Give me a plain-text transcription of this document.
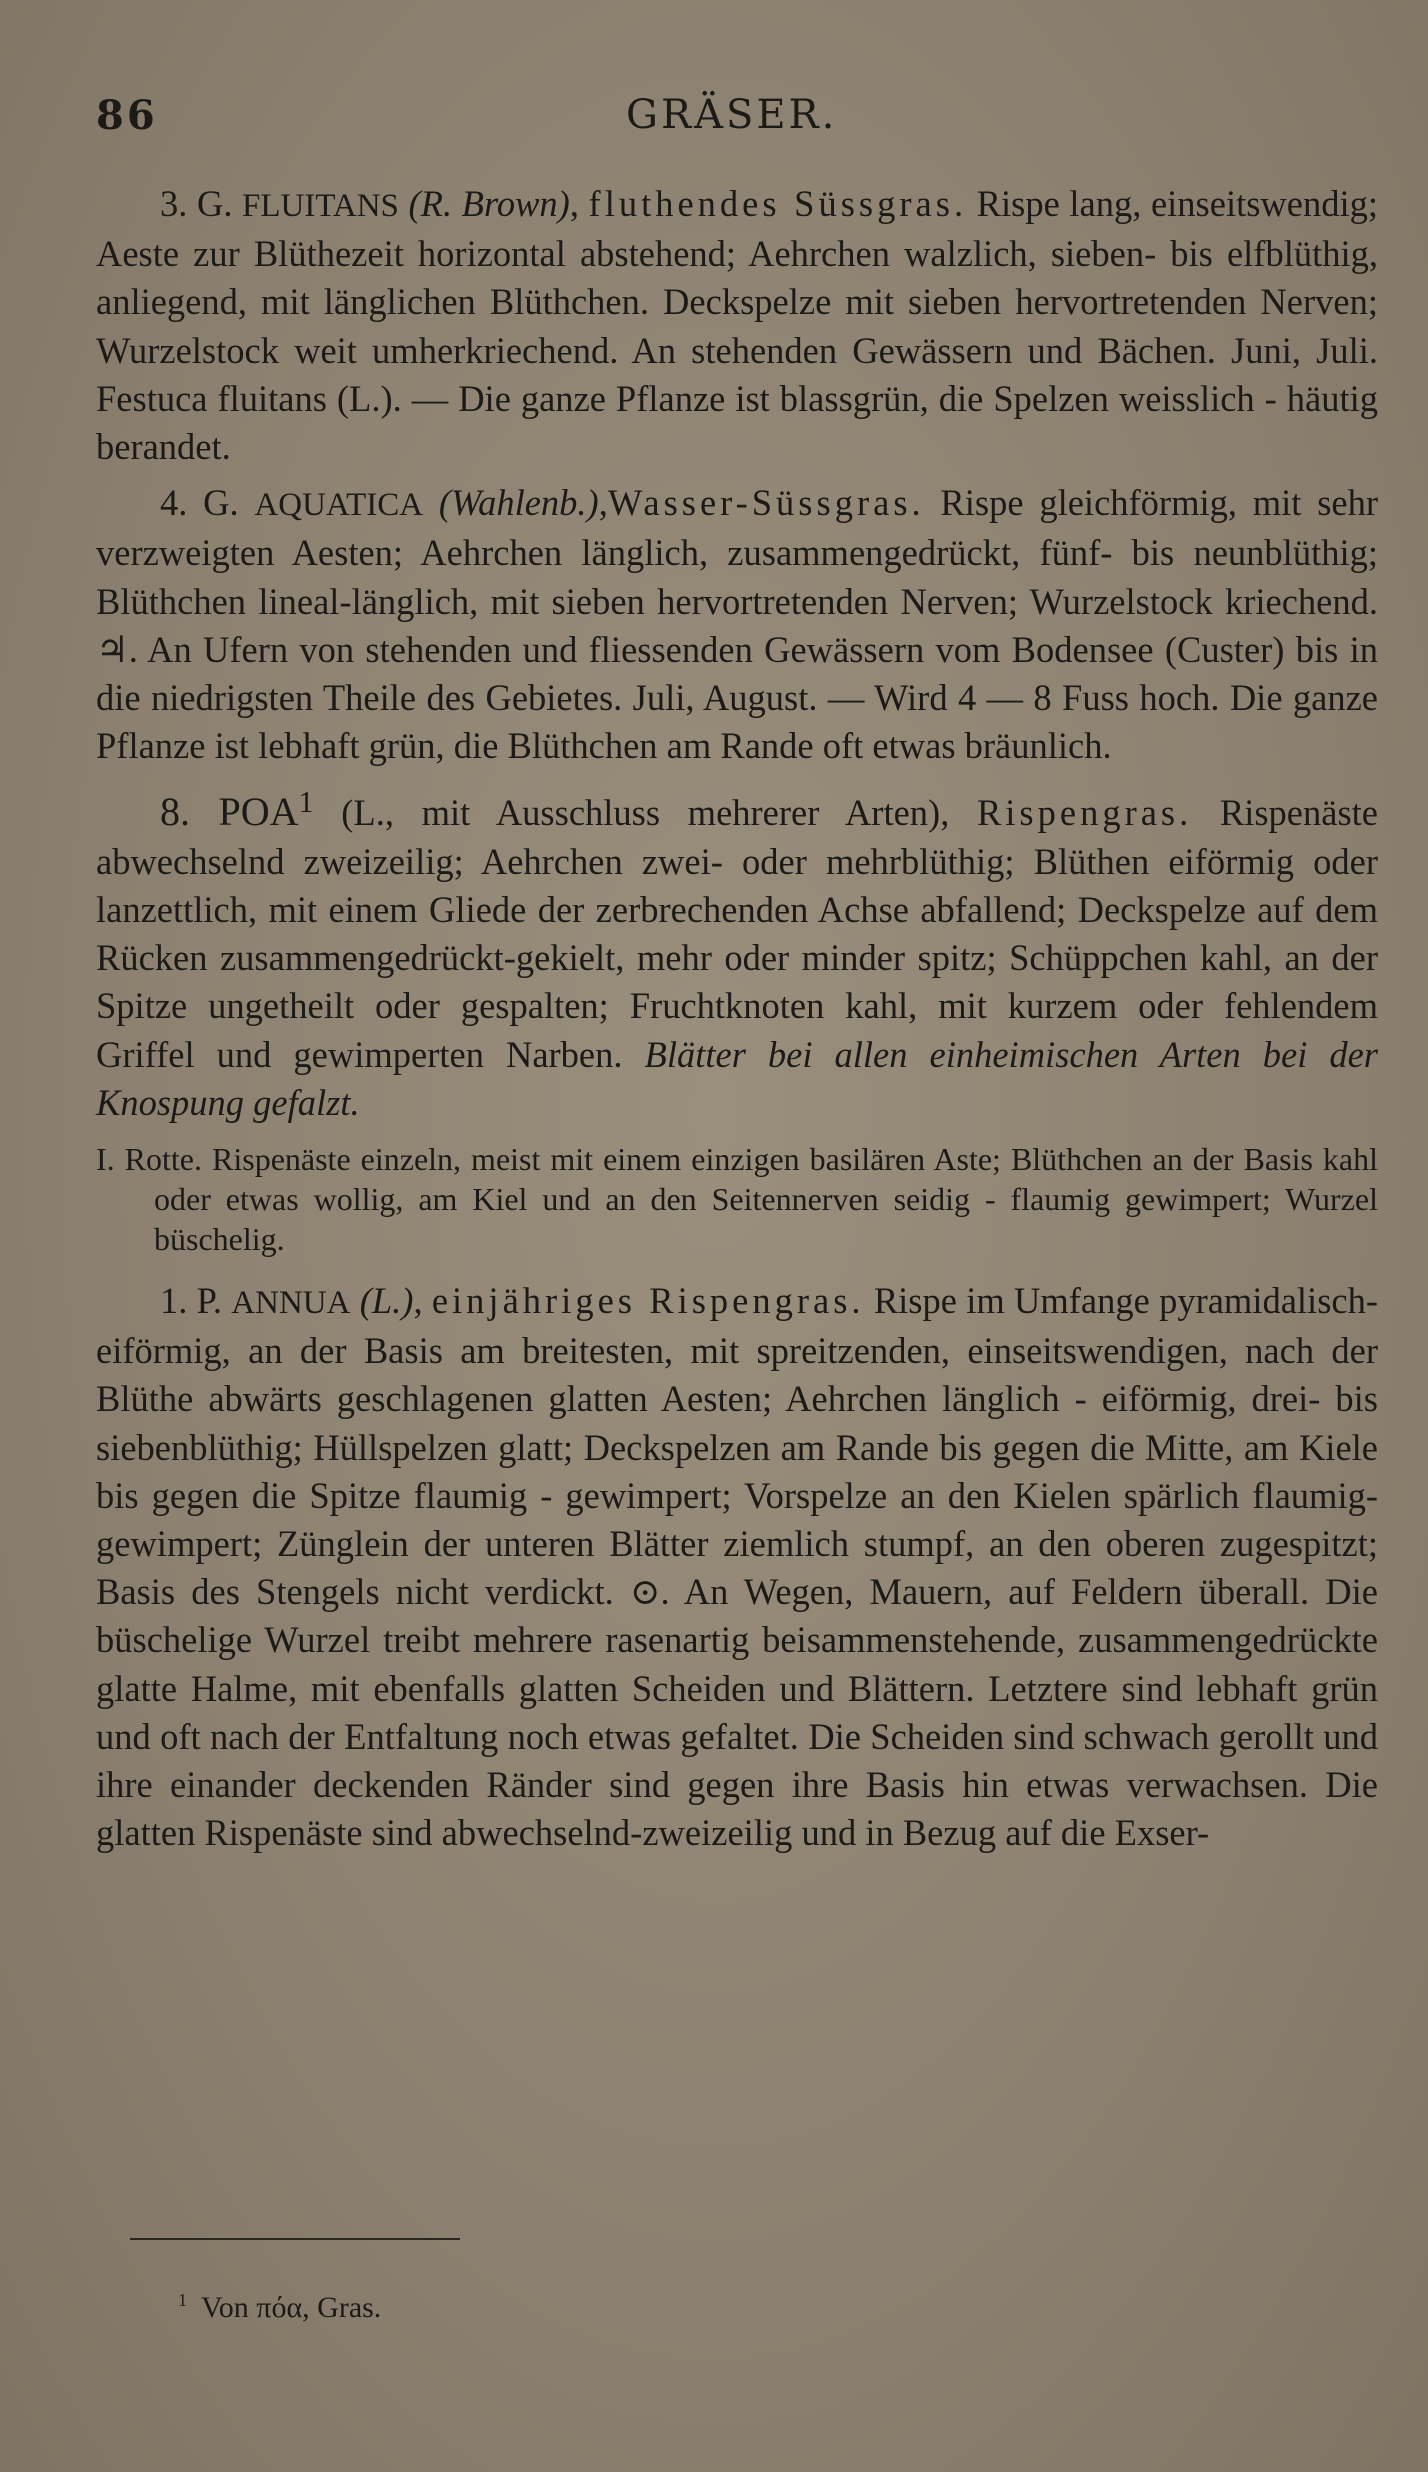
86	GRÄSER.

3. G. FLUITANS (R. Brown), fluthendes Süssgras. Rispe lang, einseitswendig; Aeste zur Blüthezeit horizontal abstehend; Aehrchen walzlich, sieben- bis elfblüthig, anliegend, mit länglichen Blüthchen. Deckspelze mit sieben hervortretenden Nerven; Wurzelstock weit umherkriechend. An stehenden Gewässern und Bächen. Juni, Juli. Festuca fluitans (L.). — Die ganze Pflanze ist blassgrün, die Spelzen weisslich - häutig berandet.

4. G. AQUATICA (Wahlenb.),Wasser-Süssgras. Rispe gleichförmig, mit sehr verzweigten Aesten; Aehrchen länglich, zusammengedrückt, fünf- bis neunblüthig; Blüthchen lineal-länglich, mit sieben hervortretenden Nerven; Wurzelstock kriechend. ♃. An Ufern von stehenden und fliessenden Gewässern vom Bodensee (Custer) bis in die niedrigsten Theile des Gebietes. Juli, August. — Wird 4 — 8 Fuss hoch. Die ganze Pflanze ist lebhaft grün, die Blüthchen am Rande oft etwas bräunlich.

8. POA$^1$ (L., mit Ausschluss mehrerer Arten), Rispengras. Rispenäste abwechselnd zweizeilig; Aehrchen zwei- oder mehrblüthig; Blüthen eiförmig oder lanzettlich, mit einem Gliede der zerbrechenden Achse abfallend; Deckspelze auf dem Rücken zusammengedrückt-gekielt, mehr oder minder spitz; Schüppchen kahl, an der Spitze ungetheilt oder gespalten; Fruchtknoten kahl, mit kurzem oder fehlendem Griffel und gewimperten Narben. Blätter bei allen einheimischen Arten bei der Knospung gefalzt.

I. Rotte. Rispenäste einzeln, meist mit einem einzigen basilären Aste; Blüthchen an der Basis kahl oder etwas wollig, am Kiel und an den Seitennerven seidig - flaumig gewimpert; Wurzel büschelig.

1. P. ANNUA (L.), einjähriges Rispengras. Rispe im Umfange pyramidalisch-eiförmig, an der Basis am breitesten, mit spreitzenden, einseitswendigen, nach der Blüthe abwärts geschlagenen glatten Aesten; Aehrchen länglich - eiförmig, drei- bis siebenblüthig; Hüllspelzen glatt; Deckspelzen am Rande bis gegen die Mitte, am Kiele bis gegen die Spitze flaumig - gewimpert; Vorspelze an den Kielen spärlich flaumig-gewimpert; Zünglein der unteren Blätter ziemlich stumpf, an den oberen zugespitzt; Basis des Stengels nicht verdickt. ⊙. An Wegen, Mauern, auf Feldern überall. Die büschelige Wurzel treibt mehrere rasenartig beisammenstehende, zusammengedrückte glatte Halme, mit ebenfalls glatten Scheiden und Blättern. Letztere sind lebhaft grün und oft nach der Entfaltung noch etwas gefaltet. Die Scheiden sind schwach gerollt und ihre einander deckenden Ränder sind gegen ihre Basis hin etwas verwachsen. Die glatten Rispenäste sind abwechselnd-zweizeilig und in Bezug auf die Exser-

$^1$ Von πόα, Gras.
